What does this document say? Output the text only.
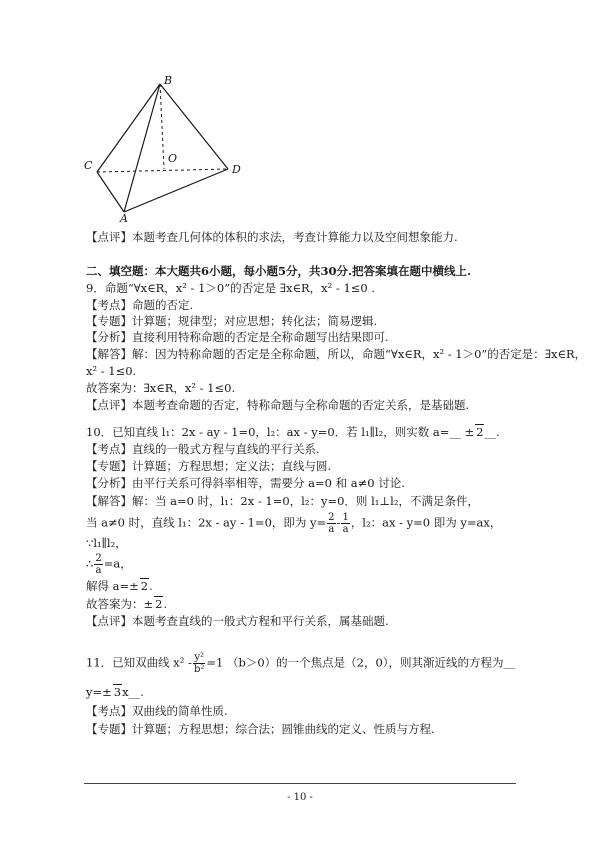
B
C
O
D
A
【点评】本题考查几何体的体积的求法，考查计算能力以及空间想象能力.
二、填空题：本大题共6小题，每小题5分，共30分.把答案填在题中横线上.
9．命题“∀x∈R，x² - 1＞0”的否定是 ∃x∈R，x² - 1≤0 .
【考点】命题的否定.
【专题】计算题；规律型；对应思想；转化法；简易逻辑.
【分析】直接利用特称命题的否定是全称命题写出结果即可.
【解答】解：因为特称命题的否定是全称命题，所以，命题“∀x∈R，x² - 1＞0”的否定是：∃x∈R，
x² - 1≤0.
故答案为：∃x∈R，x² - 1≤0.
【点评】本题考查命题的否定，特称命题与全称命题的否定关系，是基础题.
10．已知直线 l₁：2x - ay - 1=0，l₂：ax - y=0．若 l₁∥l₂，则实数 a=__ ± 2__.
【考点】直线的一般式方程与直线的平行关系.
【专题】计算题；方程思想；定义法；直线与圆.
【分析】由平行关系可得斜率相等，需要分 a=0 和 a≠0 讨论.
【解答】解：当 a=0 时，l₁：2x - 1=0，l₂：y=0．则 l₁⊥l₂，不满足条件，
当 a≠0 时，直线 l₁：2x - ay - 1=0，即为 $y= \frac{2}{a} - \frac{1}{a}$ ，l₂：ax - y=0 即为 y=ax，
∵l₁∥l₂，
∴ $\frac{2}{a} =a$，
解得 a=± 2.
故答案为：± 2.
【点评】本题考查直线的一般式方程和平行关系，属基础题.
11．已知双曲线 $x^2 - \frac{\text{y²}}{\text{b²}} =1$ （b＞0）的一个焦点是（2，0），则其渐近线的方程为__
y=± 3x__.
【考点】双曲线的简单性质.
【专题】计算题；方程思想；综合法；圆锥曲线的定义、性质与方程.
- 10 -
